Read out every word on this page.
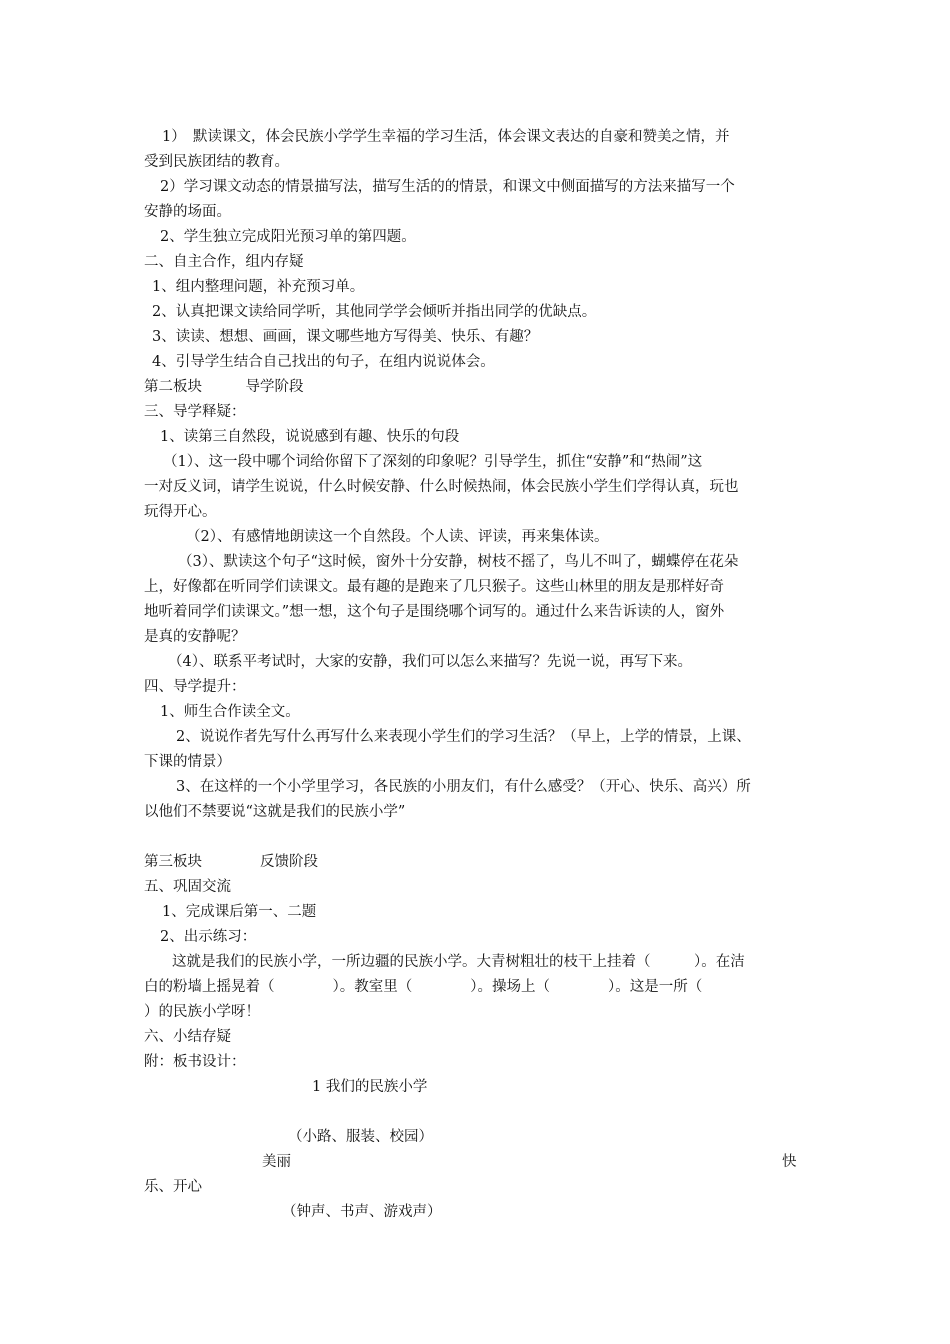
1）　默读课文，体会民族小学学生幸福的学习生活，体会课文表达的自豪和赞美之情，并
受到民族团结的教育。
2）学习课文动态的情景描写法，描写生活的的情景，和课文中侧面描写的方法来描写一个
安静的场面。
2、学生独立完成阳光预习单的第四题。
二、自主合作，组内存疑
1、组内整理问题，补充预习单。
2、认真把课文读给同学听，其他同学学会倾听并指出同学的优缺点。
3、读读、想想、画画，课文哪些地方写得美、快乐、有趣？
4、引导学生结合自己找出的句子，在组内说说体会。
第二板块　　　导学阶段
三、导学释疑：
1、读第三自然段，说说感到有趣、快乐的句段
（1）、这一段中哪个词给你留下了深刻的印象呢？引导学生，抓住“安静”和“热闹”这
一对反义词，请学生说说，什么时候安静、什么时候热闹，体会民族小学生们学得认真，玩也
玩得开心。
（2）、有感情地朗读这一个自然段。个人读、评读，再来集体读。
（3）、默读这个句子“这时候，窗外十分安静，树枝不摇了，鸟儿不叫了，蝴蝶停在花朵
上，好像都在听同学们读课文。最有趣的是跑来了几只猴子。这些山林里的朋友是那样好奇
地听着同学们读课文。”想一想，这个句子是围绕哪个词写的。通过什么来告诉读的人，窗外
是真的安静呢？
（4）、联系平考试时，大家的安静，我们可以怎么来描写？先说一说，再写下来。
四、导学提升：
1、师生合作读全文。
2、说说作者先写什么再写什么来表现小学生们的学习生活？（早上，上学的情景，上课、
下课的情景）
3、在这样的一个小学里学习，各民族的小朋友们，有什么感受？（开心、快乐、高兴）所
以他们不禁要说“这就是我们的民族小学”
第三板块　　　　反馈阶段
五、巩固交流
1、完成课后第一、二题
2、出示练习：
这就是我们的民族小学，一所边疆的民族小学。大青树粗壮的枝干上挂着（　　　）。在洁
白的粉墙上摇晃着（　　　　）。教室里（　　　　）。操场上（　　　　）。这是一所（
）的民族小学呀！
六、小结存疑
附：板书设计：
1 我们的民族小学
（小路、服装、校园）
美丽	快
乐、开心
（钟声、书声、游戏声）
